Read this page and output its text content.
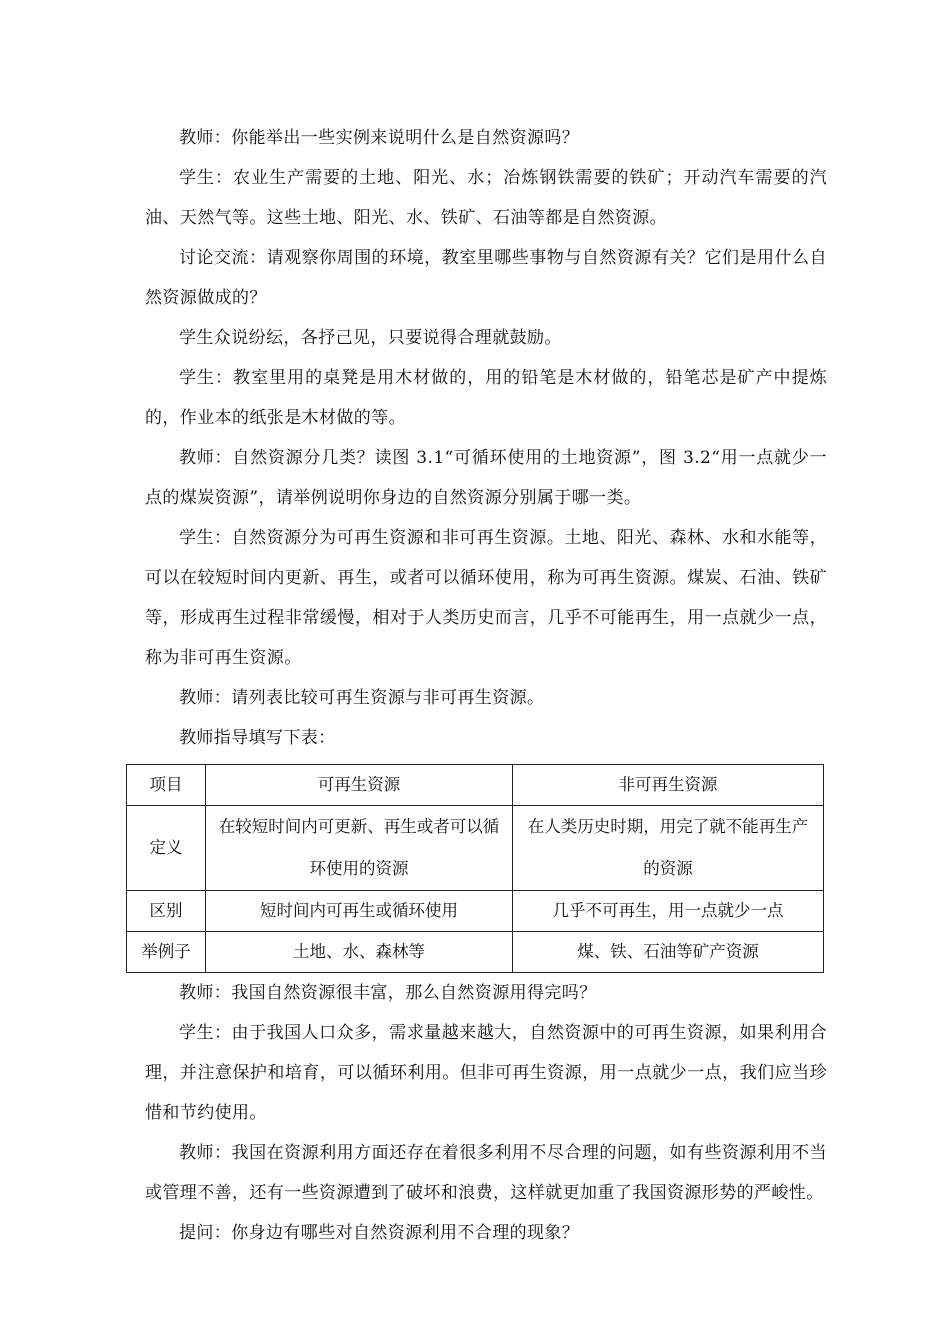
教师：你能举出一些实例来说明什么是自然资源吗？

学生：农业生产需要的土地、阳光、水；冶炼钢铁需要的铁矿；开动汽车需要的汽油、天然气等。这些土地、阳光、水、铁矿、石油等都是自然资源。

讨论交流：请观察你周围的环境，教室里哪些事物与自然资源有关？它们是用什么自然资源做成的？

学生众说纷纭，各抒己见，只要说得合理就鼓励。

学生：教室里用的桌凳是用木材做的，用的铅笔是木材做的，铅笔芯是矿产中提炼的，作业本的纸张是木材做的等。

教师：自然资源分几类？读图 3.1“可循环使用的土地资源”，图 3.2“用一点就少一点的煤炭资源”，请举例说明你身边的自然资源分别属于哪一类。

学生：自然资源分为可再生资源和非可再生资源。土地、阳光、森林、水和水能等，可以在较短时间内更新、再生，或者可以循环使用，称为可再生资源。煤炭、石油、铁矿等，形成再生过程非常缓慢，相对于人类历史而言，几乎不可能再生，用一点就少一点，称为非可再生资源。

教师：请列表比较可再生资源与非可再生资源。

教师指导填写下表：

项目	可再生资源	非可再生资源
定义	在较短时间内可更新、再生或者可以循环使用的资源	在人类历史时期，用完了就不能再生产的资源
区别	短时间内可再生或循环使用	几乎不可再生，用一点就少一点
举例子	土地、水、森林等	煤、铁、石油等矿产资源

教师：我国自然资源很丰富，那么自然资源用得完吗？

学生：由于我国人口众多，需求量越来越大，自然资源中的可再生资源，如果利用合理，并注意保护和培育，可以循环利用。但非可再生资源，用一点就少一点，我们应当珍惜和节约使用。

教师：我国在资源利用方面还存在着很多利用不尽合理的问题，如有些资源利用不当或管理不善，还有一些资源遭到了破坏和浪费，这样就更加重了我国资源形势的严峻性。

提问：你身边有哪些对自然资源利用不合理的现象？
